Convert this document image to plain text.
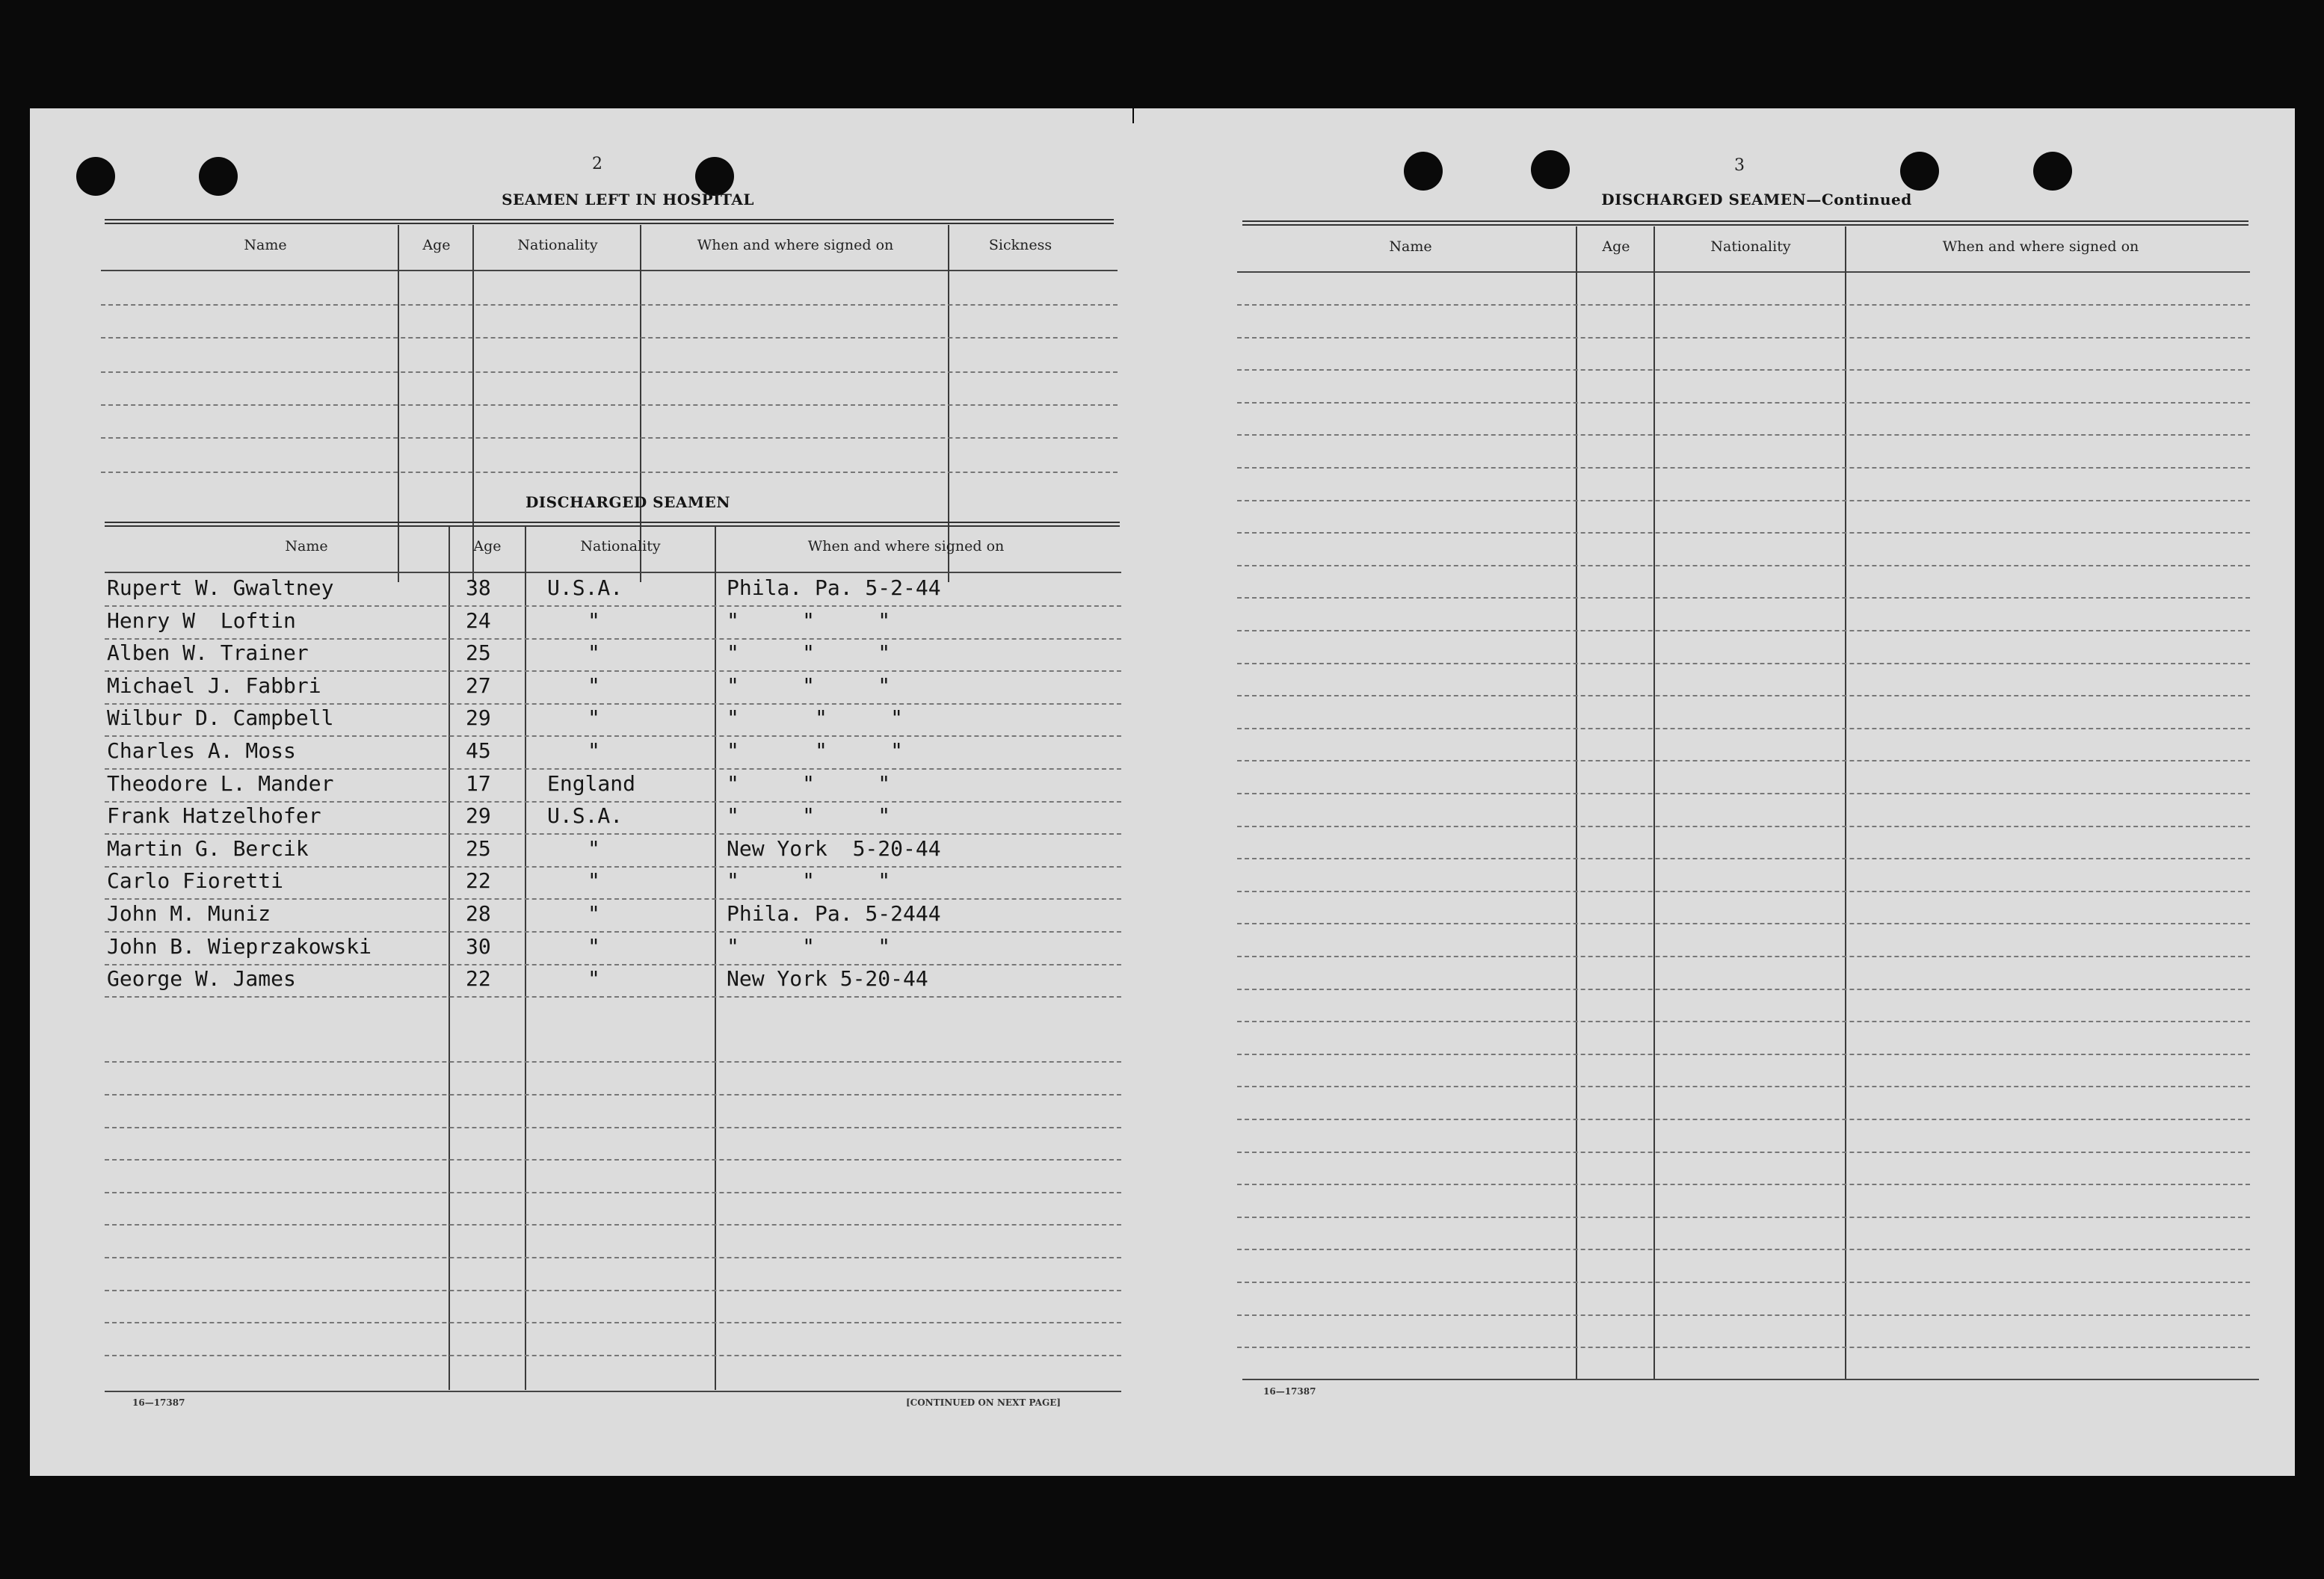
2
SEAMEN LEFT IN HOSPITAL
Name	Age	Nationality	When and where signed on	Sickness
DISCHARGED SEAMEN
Name	Age	Nationality	When and where signed on
Rupert W. Gwaltney	38	U.S.A.	Phila. Pa. 5-2-44
Henry W  Loftin	24	"	"     "     "
Alben W. Trainer	25	"	"     "     "
Michael J. Fabbri	27	"	"     "     "
Wilbur D. Campbell	29	"	"      "     "
Charles A. Moss	45	"	"      "     "
Theodore L. Mander	17	England	"     "     "
Frank Hatzelhofer	29	U.S.A.	"     "     "
Martin G. Bercik	25	"	New York  5-20-44
Carlo Fioretti	22	"	"     "     "
John M. Muniz	28	"	Phila. Pa. 5-2444
John B. Wieprzakowski	30	"	"     "     "
George W. James	22	"	New York 5-20-44
16—17387	[CONTINUED ON NEXT PAGE]
3
DISCHARGED SEAMEN—Continued
Name	Age	Nationality	When and where signed on
16—17387
